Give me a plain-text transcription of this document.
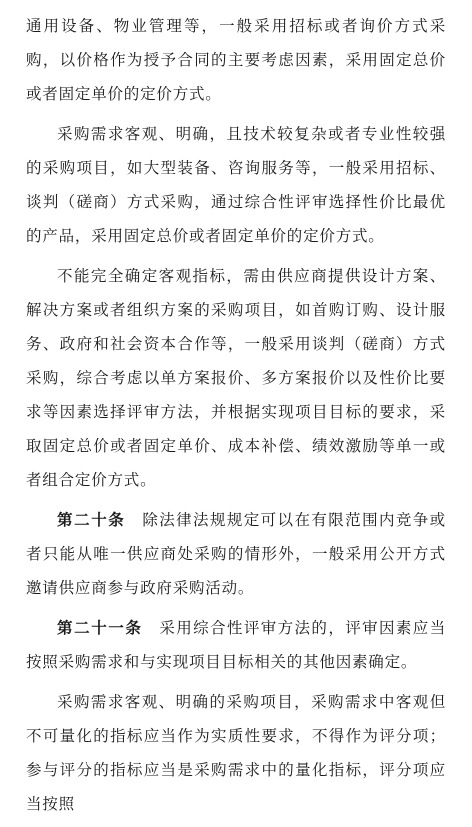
通用设备、物业管理等，一般采用招标或者询价方式采购，以价格作为授予合同的主要考虑因素，采用固定总价或者固定单价的定价方式。

采购需求客观、明确，且技术较复杂或者专业性较强的采购项目，如大型装备、咨询服务等，一般采用招标、谈判（磋商）方式采购，通过综合性评审选择性价比最优的产品，采用固定总价或者固定单价的定价方式。

不能完全确定客观指标，需由供应商提供设计方案、解决方案或者组织方案的采购项目，如首购订购、设计服务、政府和社会资本合作等，一般采用谈判（磋商）方式采购，综合考虑以单方案报价、多方案报价以及性价比要求等因素选择评审方法，并根据实现项目目标的要求，采取固定总价或者固定单价、成本补偿、绩效激励等单一或者组合定价方式。

第二十条　 除法律法规规定可以在有限范围内竞争或者只能从唯一供应商处采购的情形外，一般采用公开方式邀请供应商参与政府采购活动。

第二十一条　 采用综合性评审方法的，评审因素应当按照采购需求和与实现项目目标相关的其他因素确定。

采购需求客观、明确的采购项目，采购需求中客观但不可量化的指标应当作为实质性要求，不得作为评分项；参与评分的指标应当是采购需求中的量化指标，评分项应当按照
